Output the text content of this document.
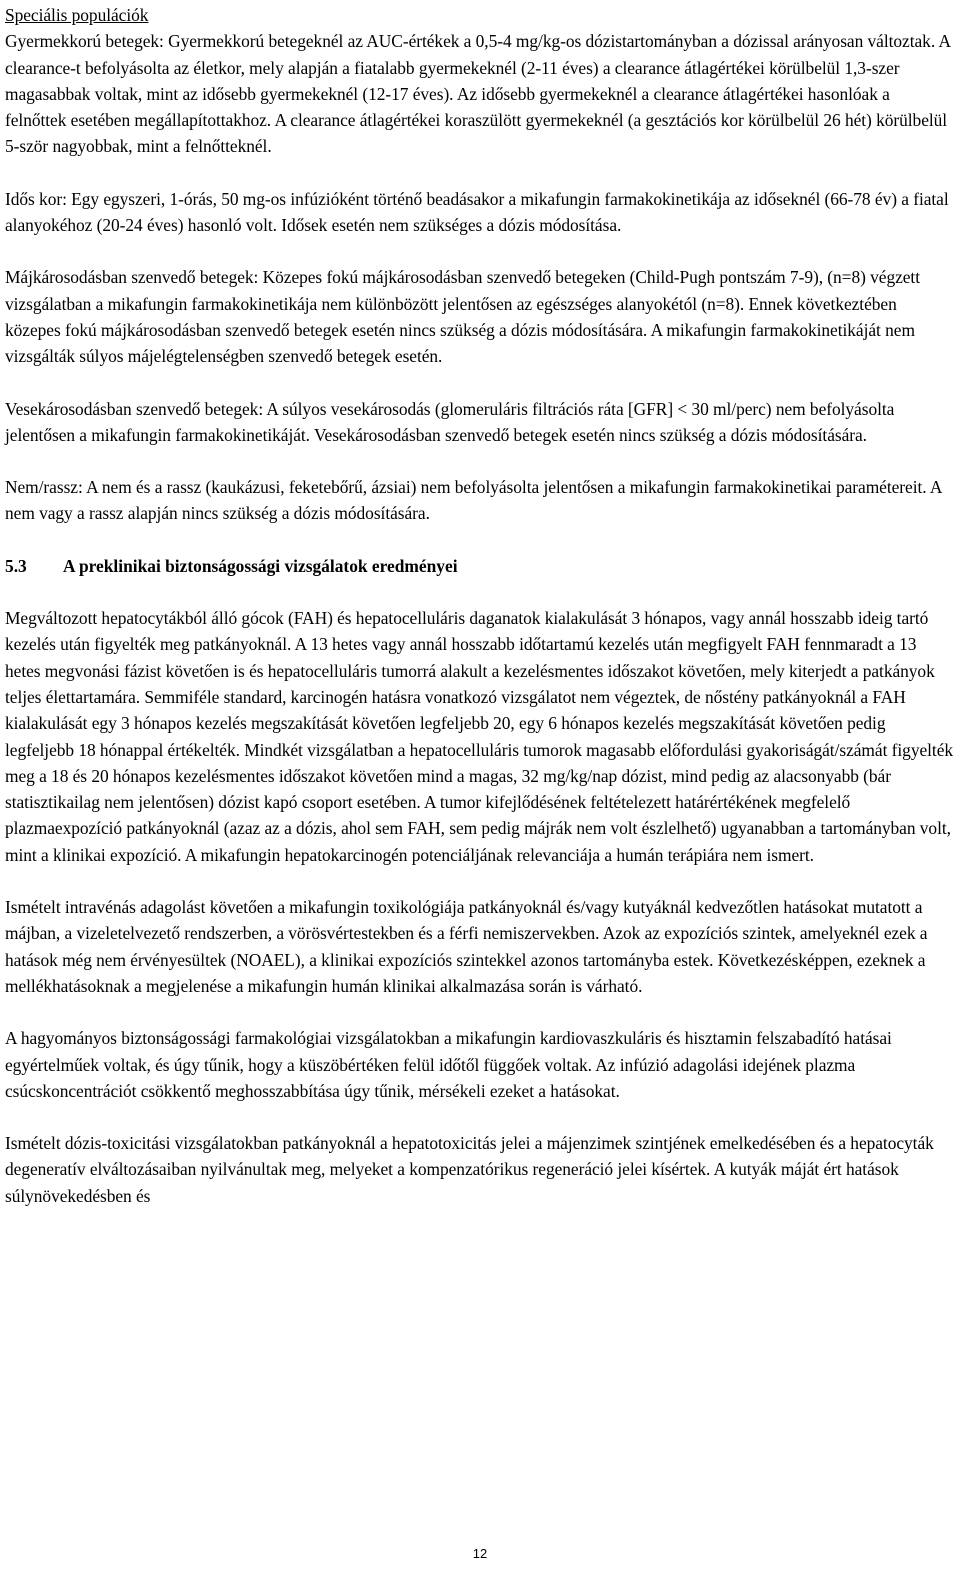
Speciális populációk

Gyermekkorú betegek: Gyermekkorú betegeknél az AUC-értékek a 0,5-4 mg/kg-os dózistartományban a dózissal arányosan változtak. A clearance-t befolyásolta az életkor, mely alapján a fiatalabb gyermekeknél (2-11 éves) a clearance átlagértékei körülbelül 1,3-szer magasabbak voltak, mint az idősebb gyermekeknél (12-17 éves). Az idősebb gyermekeknél a clearance átlagértékei hasonlóak a felnőttek esetében megállapítottakhoz. A clearance átlagértékei koraszülött gyermekeknél (a gesztációs kor körülbelül 26 hét) körülbelül 5-ször nagyobbak, mint a felnőtteknél.

Idős kor: Egy egyszeri, 1-órás, 50 mg-os infúzióként történő beadásakor a mikafungin farmakokinetikája az időseknél (66-78 év) a fiatal alanyokéhoz (20-24 éves) hasonló volt. Idősek esetén nem szükséges a dózis módosítása.

Májkárosodásban szenvedő betegek: Közepes fokú májkárosodásban szenvedő betegeken (Child-Pugh pontszám 7-9), (n=8) végzett vizsgálatban a mikafungin farmakokinetikája nem különbözött jelentősen az egészséges alanyokétól (n=8). Ennek következtében közepes fokú májkárosodásban szenvedő betegek esetén nincs szükség a dózis módosítására. A mikafungin farmakokinetikáját nem vizsgálták súlyos májelégtelenségben szenvedő betegek esetén.

Vesekárosodásban szenvedő betegek: A súlyos vesekárosodás (glomeruláris filtrációs ráta [GFR] < 30 ml/perc) nem befolyásolta jelentősen a mikafungin farmakokinetikáját. Vesekárosodásban szenvedő betegek esetén nincs szükség a dózis módosítására.

Nem/rassz: A nem és a rassz (kaukázusi, feketebőrű, ázsiai) nem befolyásolta jelentősen a mikafungin farmakokinetikai paramétereit. A nem vagy a rassz alapján nincs szükség a dózis módosítására.

5.3	A preklinikai biztonságossági vizsgálatok eredményei

Megváltozott hepatocytákból álló gócok (FAH) és hepatocelluláris daganatok kialakulását 3 hónapos, vagy annál hosszabb ideig tartó kezelés után figyelték meg patkányoknál. A 13 hetes vagy annál hosszabb időtartamú kezelés után megfigyelt FAH fennmaradt a 13 hetes megvonási fázist követően is és hepatocelluláris tumorrá alakult a kezelésmentes időszakot követően, mely kiterjedt a patkányok teljes élettartamára. Semmiféle standard, karcinogén hatásra vonatkozó vizsgálatot nem végeztek, de nőstény patkányoknál a FAH kialakulását egy 3 hónapos kezelés megszakítását követően legfeljebb 20, egy 6 hónapos kezelés megszakítását követően pedig legfeljebb 18 hónappal értékelték. Mindkét vizsgálatban a hepatocelluláris tumorok magasabb előfordulási gyakoriságát/számát figyelték meg a 18 és 20 hónapos kezelésmentes időszakot követően mind a magas, 32 mg/kg/nap dózist, mind pedig az alacsonyabb (bár statisztikailag nem jelentősen) dózist kapó csoport esetében. A tumor kifejlődésének feltételezett határértékének megfelelő plazmaexpozíció patkányoknál (azaz az a dózis, ahol sem FAH, sem pedig májrák nem volt észlelhető) ugyanabban a tartományban volt, mint a klinikai expozíció. A mikafungin hepatokarcinogén potenciáljának relevanciája a humán terápiára nem ismert.

Ismételt intravénás adagolást követően a mikafungin toxikológiája patkányoknál és/vagy kutyáknál kedvezőtlen hatásokat mutatott a májban, a vizeletelvezető rendszerben, a vörösvértestekben és a férfi nemiszervekben. Azok az expozíciós szintek, amelyeknél ezek a hatások még nem érvényesültek (NOAEL), a klinikai expozíciós szintekkel azonos tartományba estek. Következésképpen, ezeknek a mellékhatásoknak a megjelenése a mikafungin humán klinikai alkalmazása során is várható.

A hagyományos biztonságossági farmakológiai vizsgálatokban a mikafungin kardiovaszkuláris és hisztamin felszabadító hatásai egyértelműek voltak, és úgy tűnik, hogy a küszöbértéken felül időtől függőek voltak. Az infúzió adagolási idejének plazma csúcskoncentrációt csökkentő meghosszabbítása úgy tűnik, mérsékeli ezeket a hatásokat.

Ismételt dózis-toxicitási vizsgálatokban patkányoknál a hepatotoxicitás jelei a májenzimek szintjének emelkedésében és a hepatocyták degeneratív elváltozásaiban nyilvánultak meg, melyeket a kompenzatórikus regeneráció jelei kísértek. A kutyák máját ért hatások súlynövekedésben és

12
